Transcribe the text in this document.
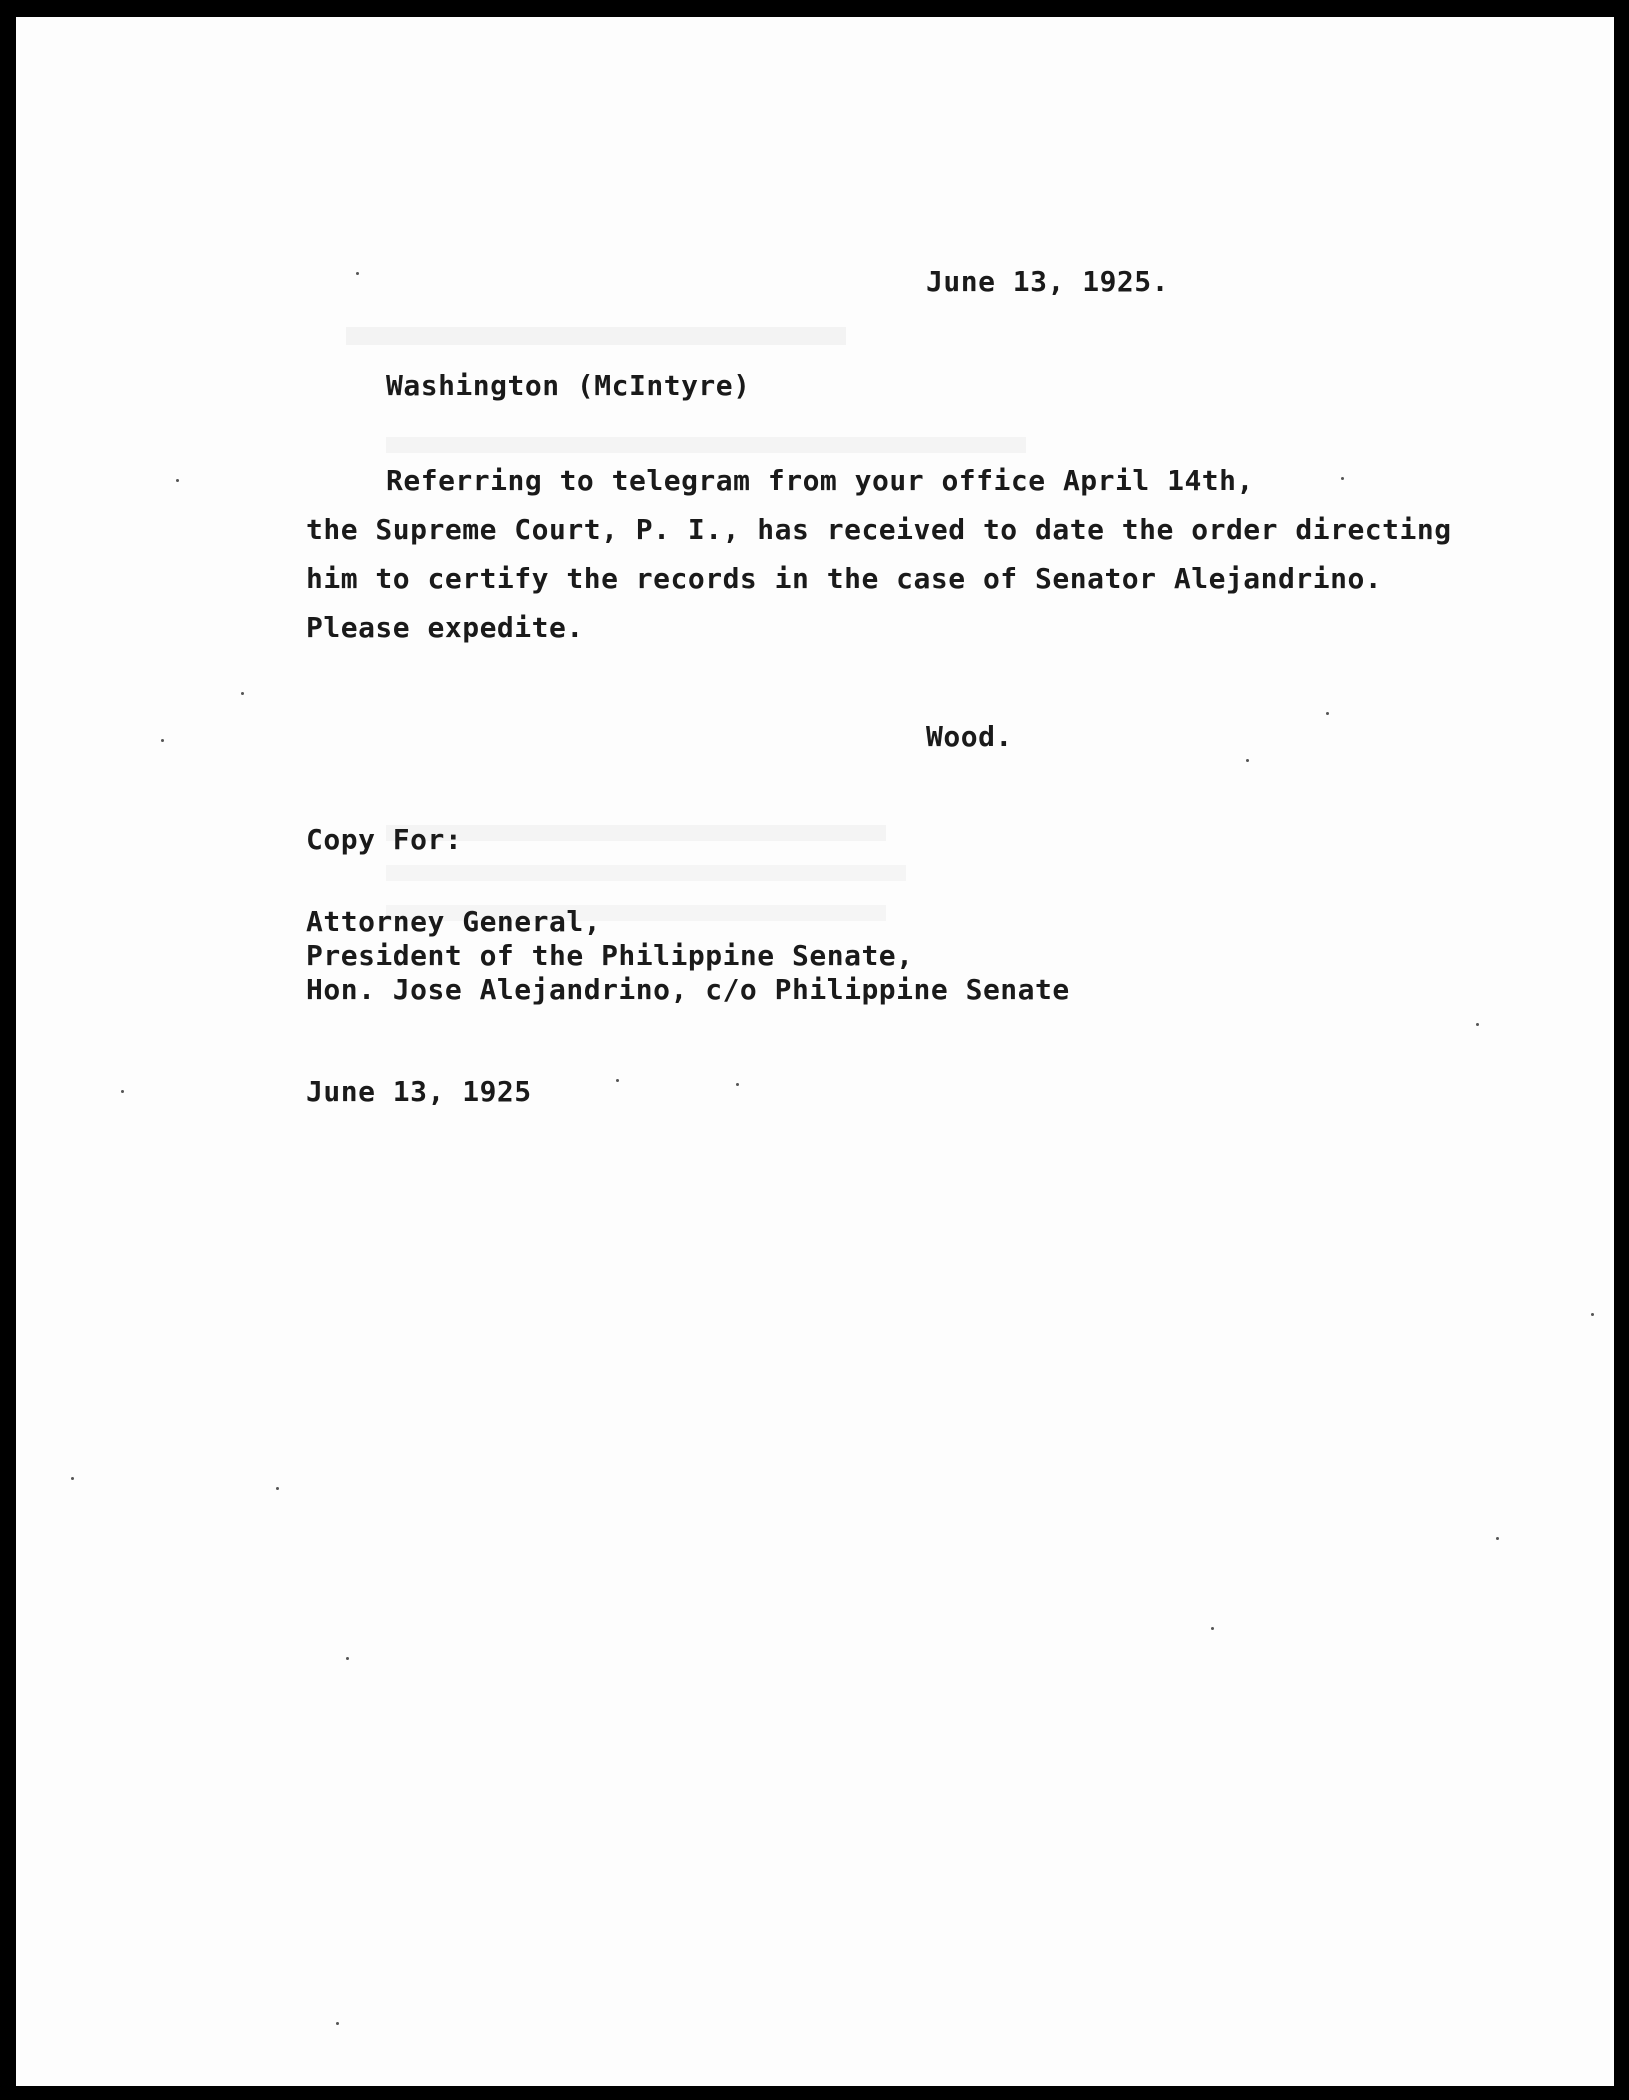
June 13, 1925.
Washington (McIntyre)
Referring to telegram from your office April 14th,
the Supreme Court, P. I., has received to date the order directing
him to certify the records in the case of Senator Alejandrino.
Please expedite.
Wood.
Copy For:
Attorney General,
President of the Philippine Senate,
Hon. Jose Alejandrino, c/o Philippine Senate
June 13, 1925
